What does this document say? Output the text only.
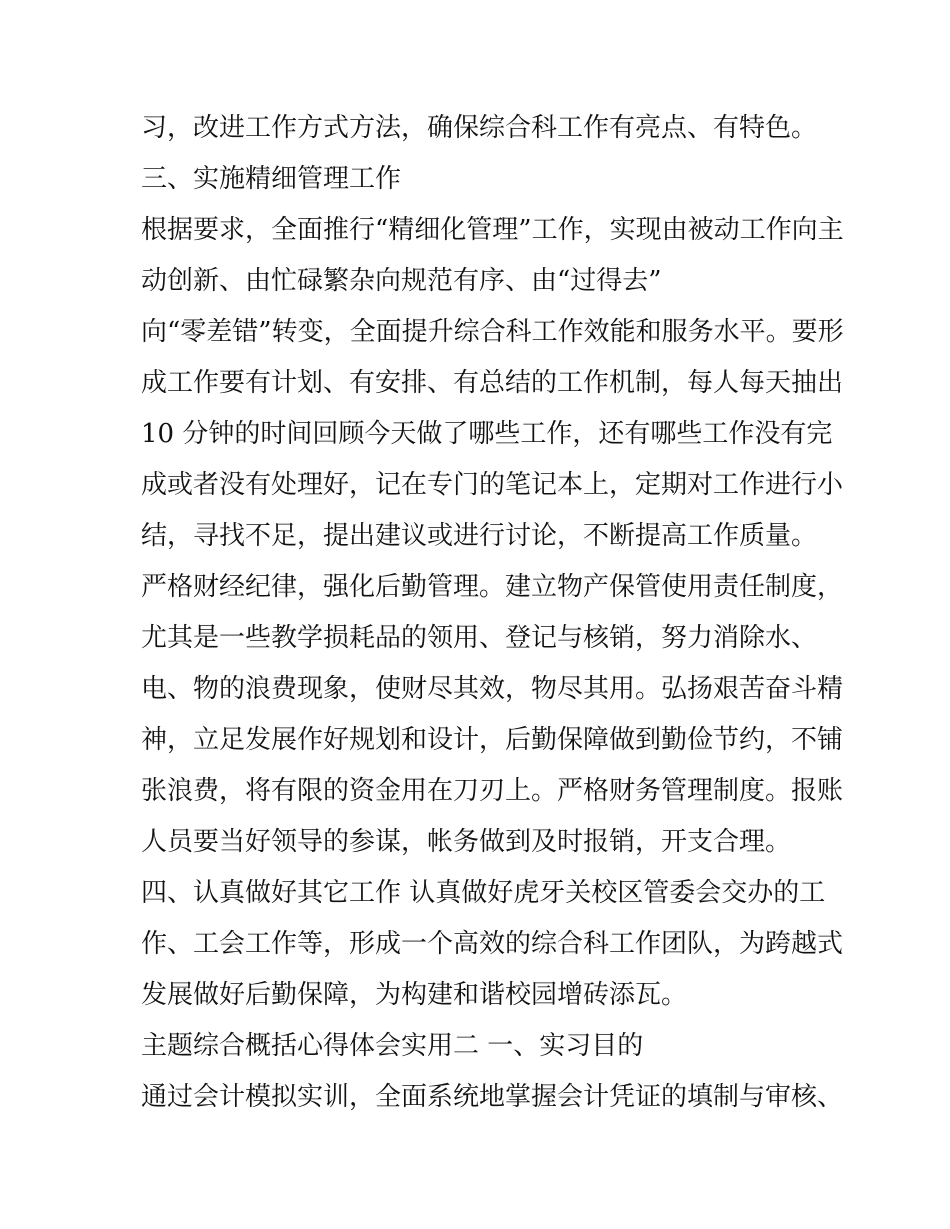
习，改进工作方式方法，确保综合科工作有亮点、有特色。

三、实施精细管理工作

根据要求，全面推行“精细化管理”工作，实现由被动工作向主

动创新、由忙碌繁杂向规范有序、由“过得去”

向“零差错”转变，全面提升综合科工作效能和服务水平。要形

成工作要有计划、有安排、有总结的工作机制，每人每天抽出

10 分钟的时间回顾今天做了哪些工作，还有哪些工作没有完

成或者没有处理好，记在专门的笔记本上，定期对工作进行小

结，寻找不足，提出建议或进行讨论，不断提高工作质量。

严格财经纪律，强化后勤管理。建立物产保管使用责任制度，

尤其是一些教学损耗品的领用、登记与核销，努力消除水、

电、物的浪费现象，使财尽其效，物尽其用。弘扬艰苦奋斗精

神，立足发展作好规划和设计，后勤保障做到勤俭节约，不铺

张浪费，将有限的资金用在刀刃上。严格财务管理制度。报账

人员要当好领导的参谋，帐务做到及时报销，开支合理。

四、认真做好其它工作 认真做好虎牙关校区管委会交办的工

作、工会工作等，形成一个高效的综合科工作团队，为跨越式

发展做好后勤保障，为构建和谐校园增砖添瓦。

主题综合概括心得体会实用二 一、实习目的

通过会计模拟实训，全面系统地掌握会计凭证的填制与审核、
